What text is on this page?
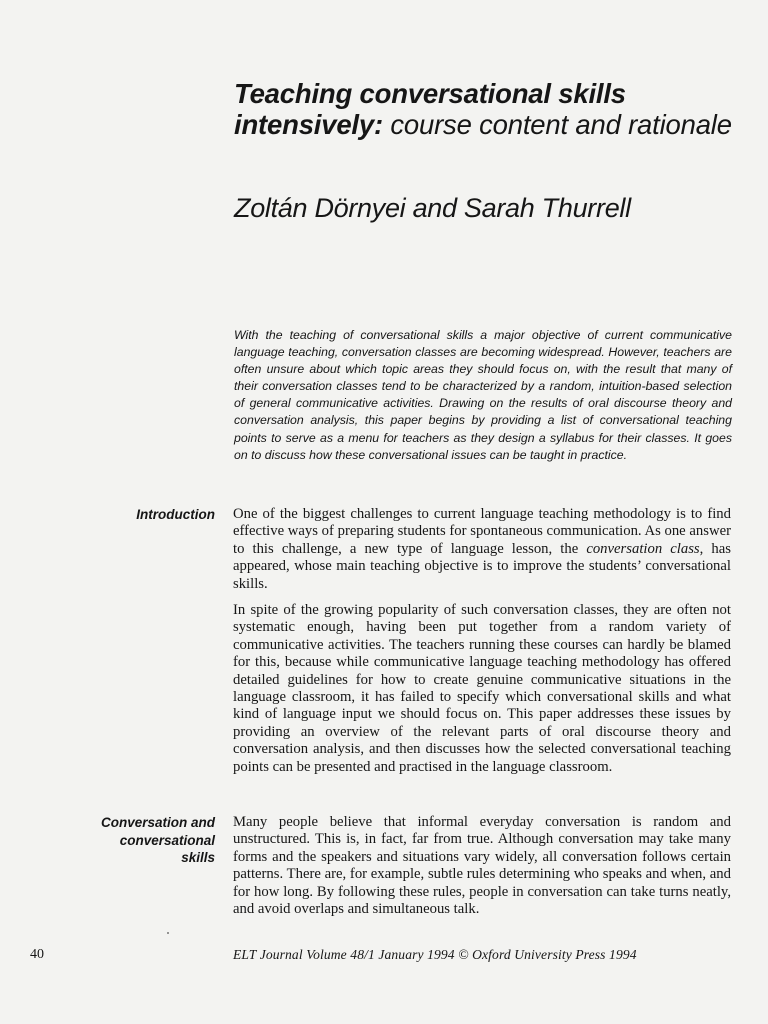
Teaching conversational skills intensively: course content and rationale

Zoltán Dörnyei and Sarah Thurrell

With the teaching of conversational skills a major objective of current communicative language teaching, conversation classes are becoming widespread. However, teachers are often unsure about which topic areas they should focus on, with the result that many of their conversation classes tend to be characterized by a random, intuition-based selection of general communicative activities. Drawing on the results of oral discourse theory and conversation analysis, this paper begins by providing a list of conversational teaching points to serve as a menu for teachers as they design a syllabus for their classes. It goes on to discuss how these conversational issues can be taught in practice.

Introduction One of the biggest challenges to current language teaching methodology is to find effective ways of preparing students for spontaneous communication. As one answer to this challenge, a new type of language lesson, the conversation class, has appeared, whose main teaching objective is to improve the students’ conversational skills.

In spite of the growing popularity of such conversation classes, they are often not systematic enough, having been put together from a random variety of communicative activities. The teachers running these courses can hardly be blamed for this, because while communicative language teaching methodology has offered detailed guidelines for how to create genuine communicative situations in the language classroom, it has failed to specify which conversational skills and what kind of language input we should focus on. This paper addresses these issues by providing an overview of the relevant parts of oral discourse theory and conversation analysis, and then discusses how the selected conversational teaching points can be presented and practised in the language classroom.

Conversation and
conversational
skills

Many people believe that informal everyday conversation is random and unstructured. This is, in fact, far from true. Although conversation may take many forms and the speakers and situations vary widely, all conversation follows certain patterns. There are, for example, subtle rules determining who speaks and when, and for how long. By following these rules, people in conversation can take turns neatly, and avoid overlaps and simultaneous talk.

40	ELT Journal Volume 48/1 January 1994 © Oxford University Press 1994
